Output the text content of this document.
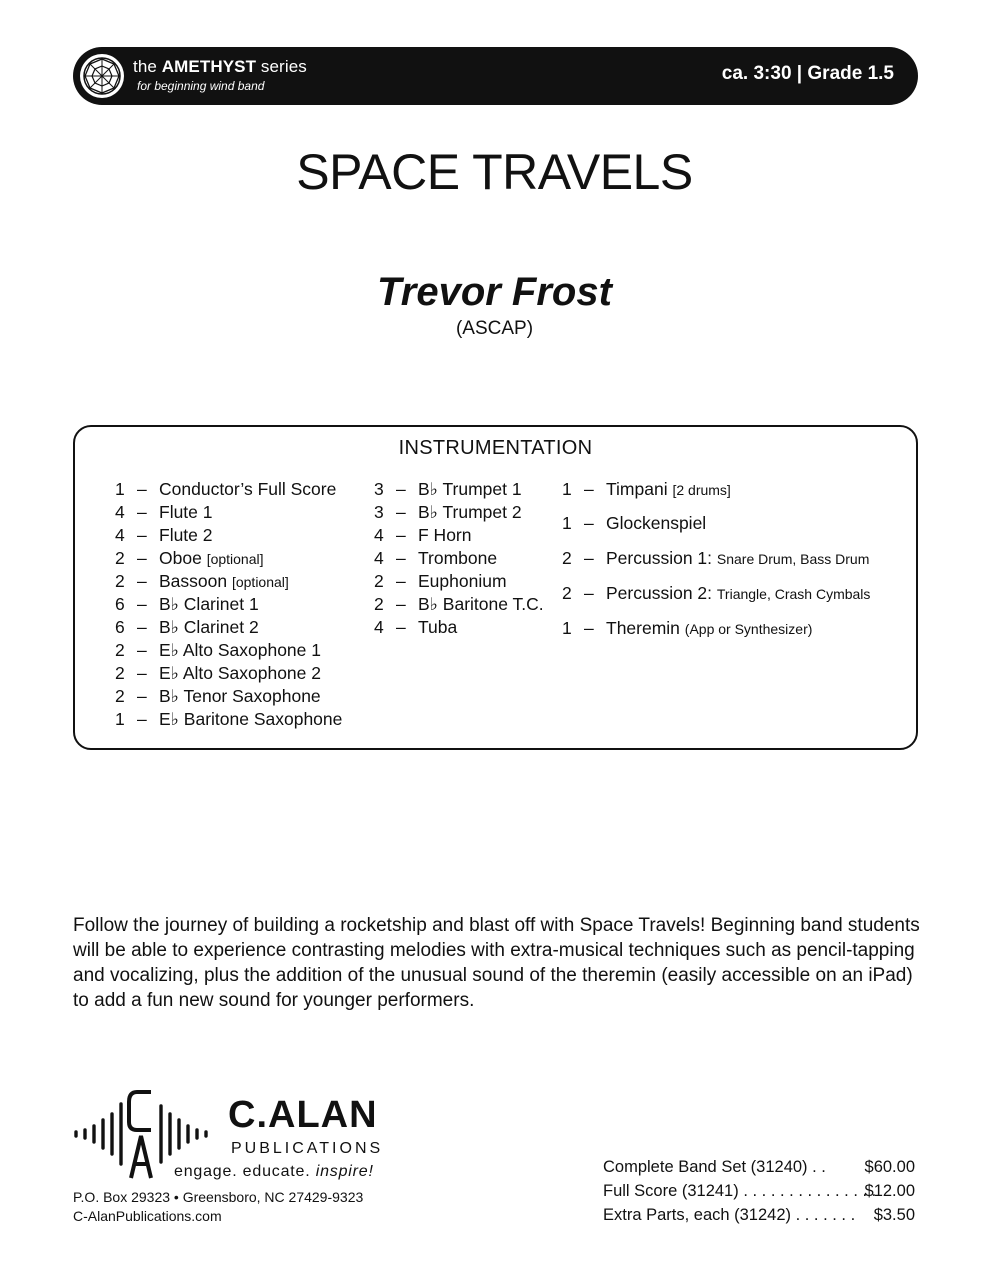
the AMETHYST series
for beginning wind band
ca. 3:30 | Grade 1.5
SPACE TRAVELS
Trevor Frost
(ASCAP)
INSTRUMENTATION
1 – Conductor’s Full Score
4 – Flute 1
4 – Flute 2
2 – Oboe [optional]
2 – Bassoon [optional]
6 – B♭ Clarinet 1
6 – B♭ Clarinet 2
2 – E♭ Alto Saxophone 1
2 – E♭ Alto Saxophone 2
2 – B♭ Tenor Saxophone
1 – E♭ Baritone Saxophone
3 – B♭ Trumpet 1
3 – B♭ Trumpet 2
4 – F Horn
4 – Trombone
2 – Euphonium
2 – B♭ Baritone T.C.
4 – Tuba
1 – Timpani [2 drums]
1 – Glockenspiel
2 – Percussion 1: Snare Drum, Bass Drum
2 – Percussion 2: Triangle, Crash Cymbals
1 – Theremin (App or Synthesizer)
Follow the journey of building a rocketship and blast off with Space Travels! Beginning band students will be able to experience contrasting melodies with extra-musical techniques such as pencil-tapping and vocalizing, plus the addition of the unusual sound of the theremin (easily accessible on an iPad) to add a fun new sound for younger performers.
C.ALAN
PUBLICATIONS
engage. educate. inspire!
P.O. Box 29323 • Greensboro, NC 27429-9323
C-AlanPublications.com
Complete Band Set (31240) . . $60.00
Full Score (31241) . . . . . . . . . . . . . . .
$12.00
Extra Parts, each (31242) . . . . . . . $3.50
